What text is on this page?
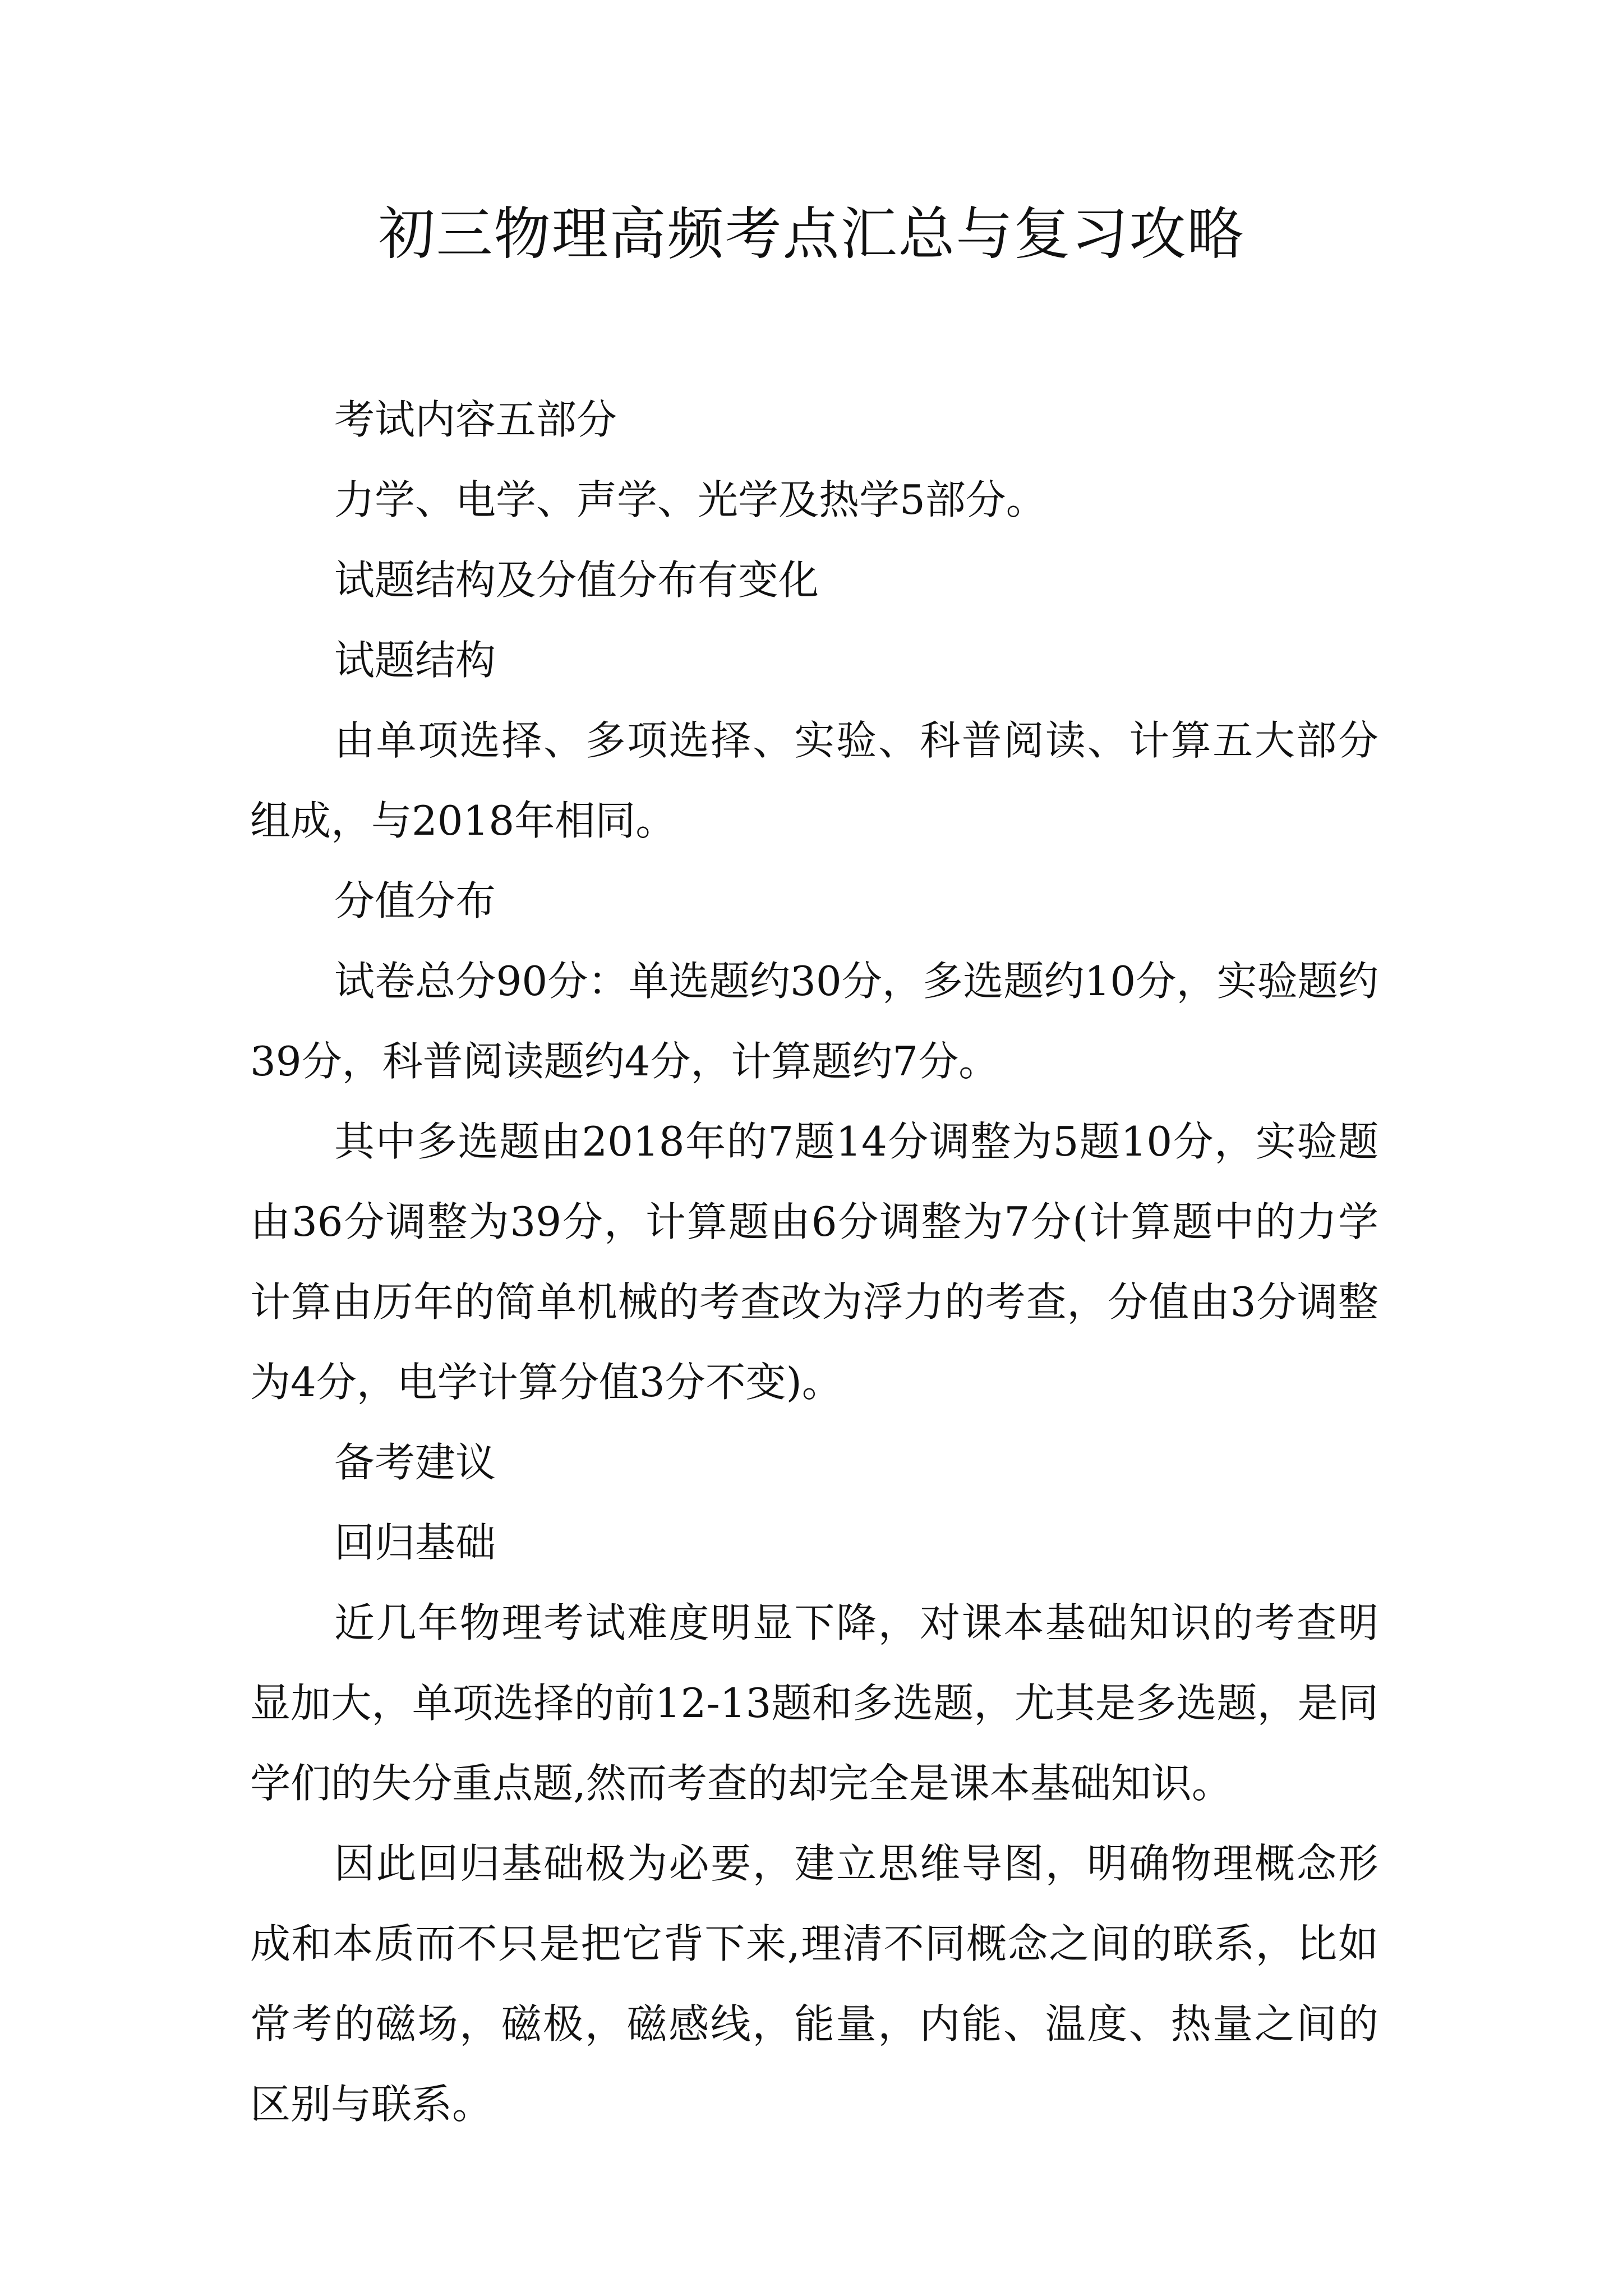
初三物理高频考点汇总与复习攻略

考试内容五部分

力学、电学、声学、光学及热学5部分。

试题结构及分值分布有变化

试题结构

由单项选择、多项选择、实验、科普阅读、计算五大部分组成，与2018年相同。

分值分布

试卷总分90分：单选题约30分，多选题约10分，实验题约39分，科普阅读题约4分，计算题约7分。

其中多选题由2018年的7题14分调整为5题10分，实验题由36分调整为39分，计算题由6分调整为7分(计算题中的力学计算由历年的简单机械的考查改为浮力的考查，分值由3分调整为4分，电学计算分值3分不变)。

备考建议

回归基础

近几年物理考试难度明显下降，对课本基础知识的考查明显加大，单项选择的前12-13题和多选题，尤其是多选题，是同学们的失分重点题,然而考查的却完全是课本基础知识。

因此回归基础极为必要，建立思维导图，明确物理概念形成和本质而不只是把它背下来,理清不同概念之间的联系，比如常考的磁场，磁极，磁感线，能量，内能、温度、热量之间的区别与联系。
